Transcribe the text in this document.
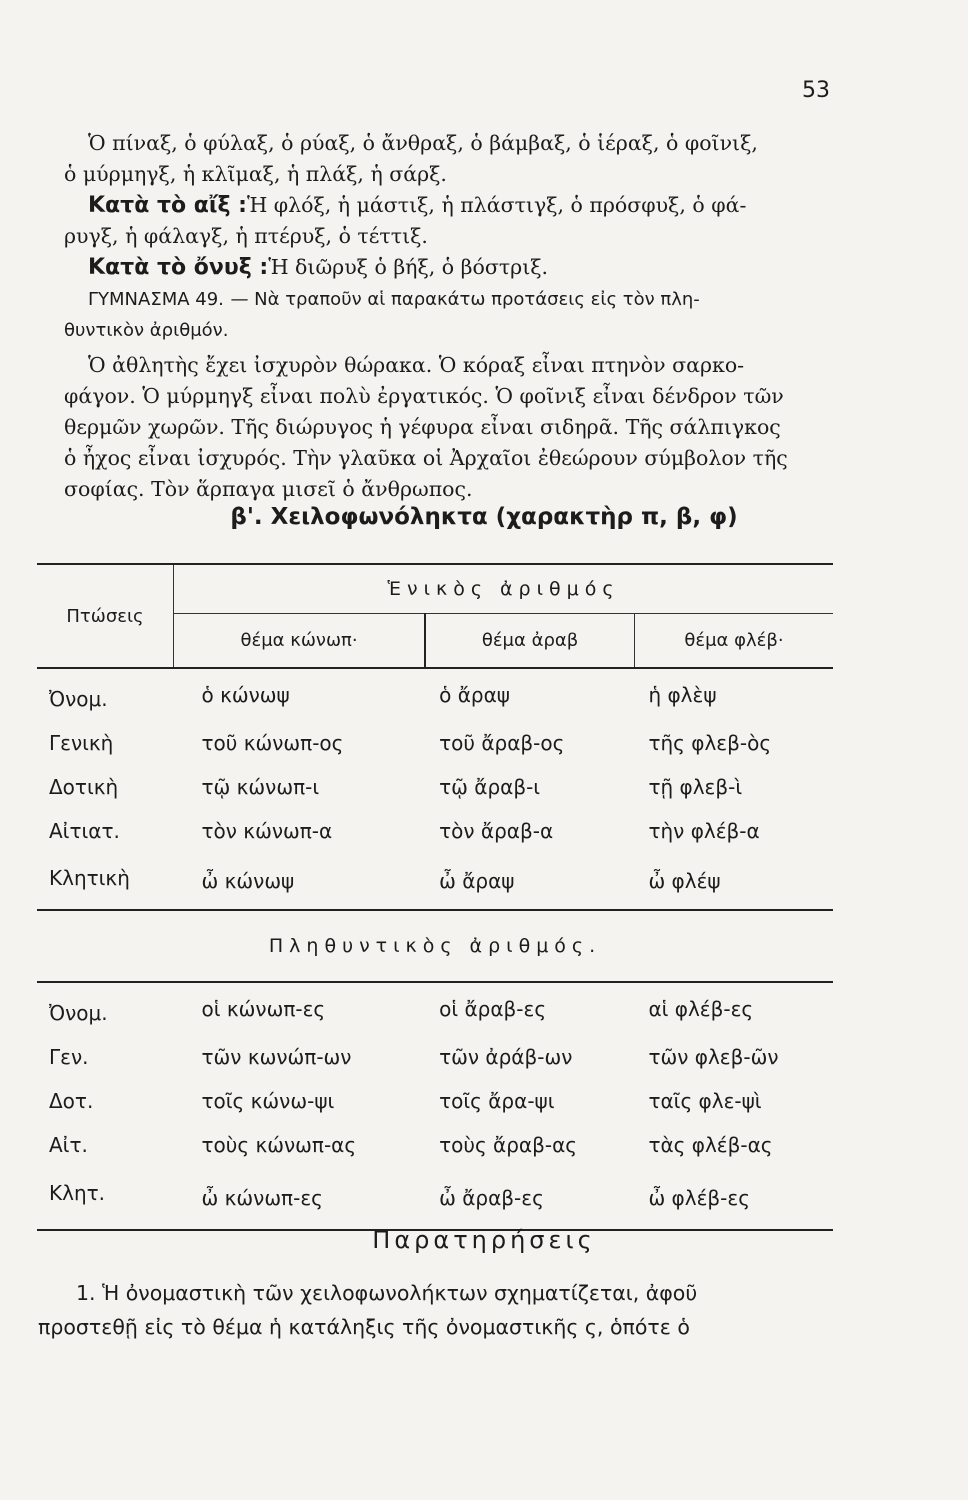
53
Ὁ πίναξ, ὁ φύλαξ, ὁ ρύαξ, ὁ ἄνθραξ, ὁ βάμβαξ, ὁ ἱέραξ, ὁ φοῖνιξ,
ὁ μύρμηγξ, ἡ κλῖμαξ, ἡ πλάξ, ἡ σάρξ.
Κατὰ τὸ αἴξ :Ἡ φλόξ, ἡ μάστιξ, ἡ πλάστιγξ, ὁ πρόσφυξ, ὁ φά-
ρυγξ, ἡ φάλαγξ, ἡ πτέρυξ, ὁ τέττιξ.
Κατὰ τὸ ὄνυξ :Ἡ διῶρυξ ὁ βήξ, ὁ βόστριξ.
ΓΥΜΝΑΣΜΑ 49. — Νὰ τραποῦν αἱ παρακάτω προτάσεις εἰς τὸν πλη-
θυντικὸν ἀριθμόν.
Ὁ ἀθλητὴς ἔχει ἰσχυρὸν θώρακα. Ὁ κόραξ εἶναι πτηνὸν σαρκο-
φάγον. Ὁ μύρμηγξ εἶναι πολὺ ἐργατικός. Ὁ φοῖνιξ εἶναι δένδρον τῶν
θερμῶν χωρῶν. Τῆς διώρυγος ἡ γέφυρα εἶναι σιδηρᾶ. Τῆς σάλπιγκος
ὁ ἦχος εἶναι ἰσχυρός. Τὴν γλαῦκα οἱ Ἀρχαῖοι ἐθεώρουν σύμβολον τῆς
σοφίας. Τὸν ἅρπαγα μισεῖ ὁ ἄνθρωπος.
β'. Χειλοφωνόληκτα (χαρακτὴρ π, β, φ)
Πτώσεις	Ἑνικὸς ἀριθμός		
	θέμα κώνωπ·	θέμα ἀραβ	θέμα φλέβ·

Ὀνομ.	ὁ κώνωψ	ὁ ἄραψ	ἡ φλὲψ
Γενικὴ	τοῦ κώνωπ-ος	τοῦ ἄραβ-ος	τῆς φλεβ-ὸς
Δοτικὴ	τῷ κώνωπ-ι	τῷ ἄραβ-ι	τῇ φλεβ-ὶ
Αἰτιατ.	τὸν κώνωπ-α	τὸν ἄραβ-α	τὴν φλέβ-α
Κλητικὴ	ὦ κώνωψ	ὦ ἄραψ	ὦ φλέψ
Πληθυντικὸς ἀριθμός.			
Ὀνομ.	οἱ κώνωπ-ες	οἱ ἄραβ-ες	αἱ φλέβ-ες
Γεν.	τῶν κωνώπ-ων	τῶν ἀράβ-ων	τῶν φλεβ-ῶν
Δοτ.	τοῖς κώνω-ψι	τοῖς ἄρα-ψι	ταῖς φλε-ψὶ
Αἰτ.	τοὺς κώνωπ-ας	τοὺς ἄραβ-ας	τὰς φλέβ-ας
Κλητ.	ὦ κώνωπ-ες	ὦ ἄραβ-ες	ὦ φλέβ-ες
Παρατηρήσεις
1. Ἡ ὀνομαστικὴ τῶν χειλοφωνολήκτων σχηματίζεται, ἀφοῦ
προστεθῇ εἰς τὸ θέμα ἡ κατάληξις τῆς ὀνομαστικῆς ς, ὁπότε ὁ
